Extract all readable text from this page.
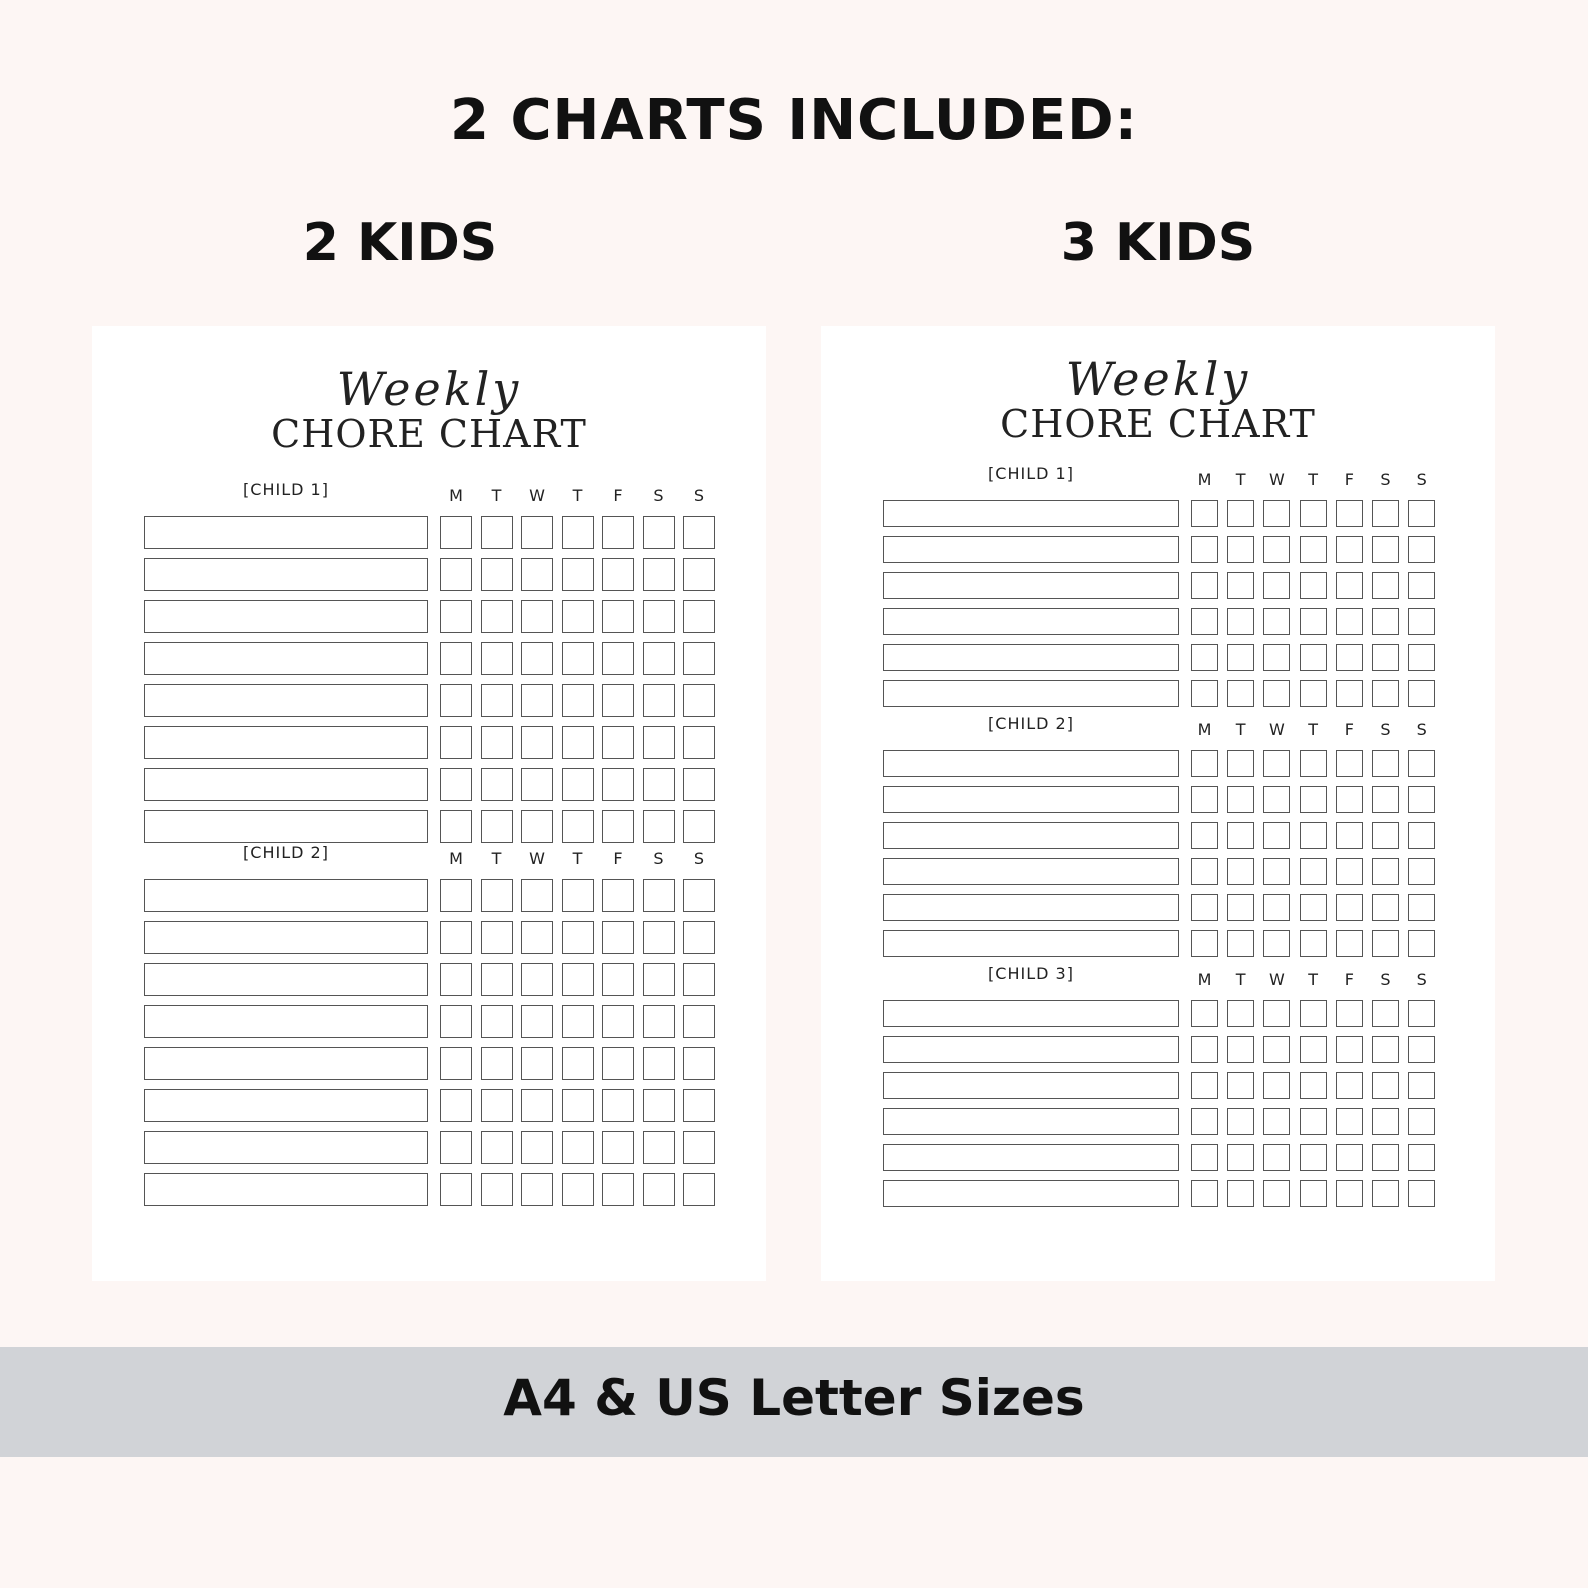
2 CHARTS INCLUDED:
2 KIDS	3 KIDS
Weekly
CHORE CHART
[CHILD 1]	M	T	W	T	F	S	S
[CHILD 2]	M	T	W	T	F	S	S
Weekly
CHORE CHART
[CHILD 1]	M	T	W	T	F	S	S
[CHILD 2]	M	T	W	T	F	S	S
[CHILD 3]	M	T	W	T	F	S	S
A4 & US Letter Sizes
